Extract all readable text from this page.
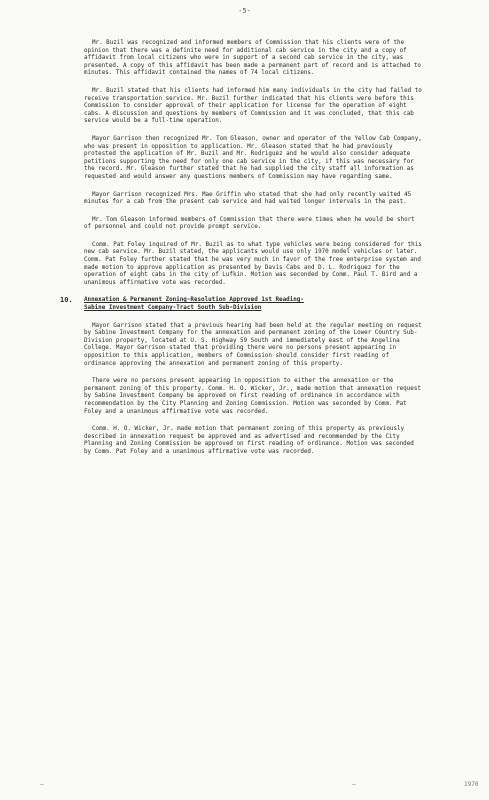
-5-

Mr. Buzil was recognized and informed members of Commission that his clients were of the opinion that there was a definite need for additional cab service in the city and a copy of affidavit from local citizens who were in support of a second cab service in the city, was presented. A copy of this affidavit has been made a permanent part of record and is attached to minutes. This affidavit contained the names of 74 local citizens.

Mr. Buzil stated that his clients had informed him many individuals in the city had failed to receive transportation service. Mr. Buzil further indicated that his clients were before this Commission to consider approval of their application for license for the operation of eight cabs. A discussion and questions by members of Commission and it was concluded, that this cab service would be a full-time operation.

Mayor Garrison then recognized Mr. Tom Gleason, owner and operator of the Yellow Cab Company, who was present in opposition to application. Mr. Gleason stated that he had previously protested the application of Mr. Buzil and Mr. Rodriguez and he would also consider adequate petitions supporting the need for only one cab service in the city, if this was necessary for the record. Mr. Gleason further stated that he had supplied the city staff all information as requested and would answer any questions members of Commission may have regarding same.

Mayor Garrison recognized Mrs. Mae Griffin who stated that she had only recently waited 45 minutes for a cab from the present cab service and had waited longer intervals in the past.

Mr. Tom Gleason informed members of Commission that there were times when he would be short of personnel and could not provide prompt service.

Comm. Pat Foley inquired of Mr. Buzil as to what type vehicles were being considered for this new cab service. Mr. Buzil stated, the applicants would use only 1970 model vehicles or later. Comm. Pat Foley further stated that he was very much in favor of the free enterprise system and made motion to approve application as presented by Davis Cabs and D. L. Rodriguez for the operation of eight cabs in the city of Lufkin. Motion was seconded by Comm. Paul T. Bird and a unanimous affirmative vote was recorded.

10. Annexation & Permanent Zoning-Resolution Approved 1st Reading-
Sabine Investment Company-Tract South Sub-Division

Mayor Garrison stated that a previous hearing had been held at the regular meeting on request by Sabine Investment Company for the annexation and permanent zoning of the Lower Country Sub-Division property, located at U. S. Highway 59 South and immediately east of the Angelina College. Mayor Garrison stated that providing there were no persons present appearing in opposition to this application, members of Commission should consider first reading of ordinance approving the annexation and permanent zoning of this property.

There were no persons present appearing in opposition to either the annexation or the permanent zoning of this property. Comm. H. O. Wicker, Jr., made motion that annexation request by Sabine Investment Company be approved on first reading of ordinance in accordance with recommendation by the City Planning and Zoning Commission. Motion was seconded by Comm. Pat Foley and a unanimous affirmative vote was recorded.

Comm. H. O. Wicker, Jr. made motion that permanent zoning of this property as previously described in annexation request be approved and as advertised and recommended by the City Planning and Zoning Commission be approved on first reading of ordinance. Motion was seconded by Comm. Pat Foley and a unanimous affirmative vote was recorded.

—	—	1970
